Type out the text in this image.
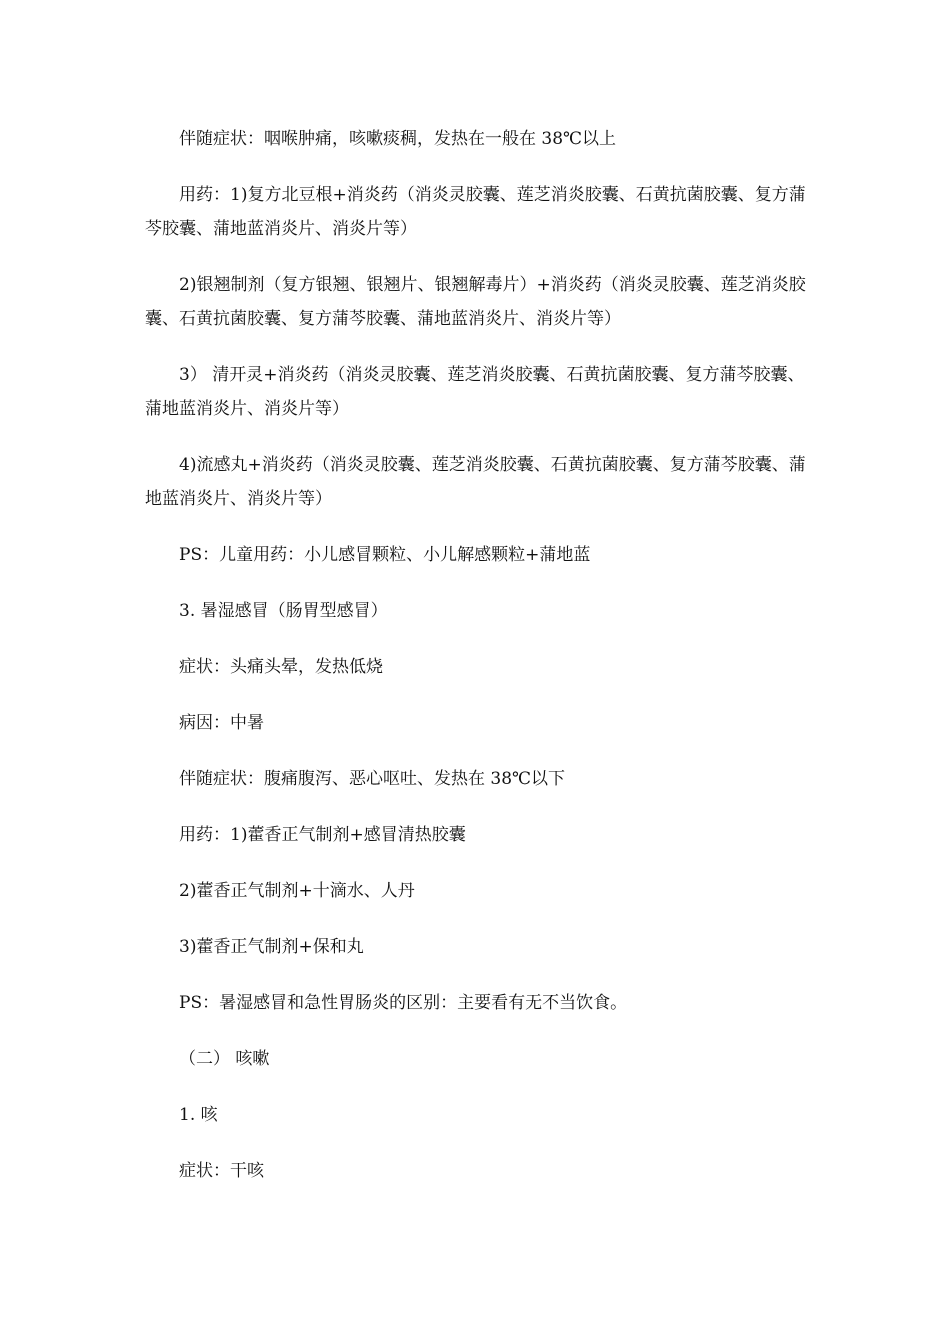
伴随症状：咽喉肿痛，咳嗽痰稠，发热在一般在 38℃以上

用药：1)复方北豆根+消炎药（消炎灵胶囊、莲芝消炎胶囊、石黄抗菌胶囊、复方蒲芩胶囊、蒲地蓝消炎片、消炎片等）

2)银翘制剂（复方银翘、银翘片、银翘解毒片）+消炎药（消炎灵胶囊、莲芝消炎胶囊、石黄抗菌胶囊、复方蒲芩胶囊、蒲地蓝消炎片、消炎片等）

3） 清开灵+消炎药（消炎灵胶囊、莲芝消炎胶囊、石黄抗菌胶囊、复方蒲芩胶囊、蒲地蓝消炎片、消炎片等）

4)流感丸+消炎药（消炎灵胶囊、莲芝消炎胶囊、石黄抗菌胶囊、复方蒲芩胶囊、蒲地蓝消炎片、消炎片等）

PS：儿童用药：小儿感冒颗粒、小儿解感颗粒+蒲地蓝

3. 暑湿感冒（肠胃型感冒）

症状：头痛头晕，发热低烧

病因：中暑

伴随症状：腹痛腹泻、恶心呕吐、发热在 38℃以下

用药：1)藿香正气制剂+感冒清热胶囊

2)藿香正气制剂+十滴水、人丹

3)藿香正气制剂+保和丸

PS：暑湿感冒和急性胃肠炎的区别：主要看有无不当饮食。

（二） 咳嗽

1. 咳

症状：干咳
